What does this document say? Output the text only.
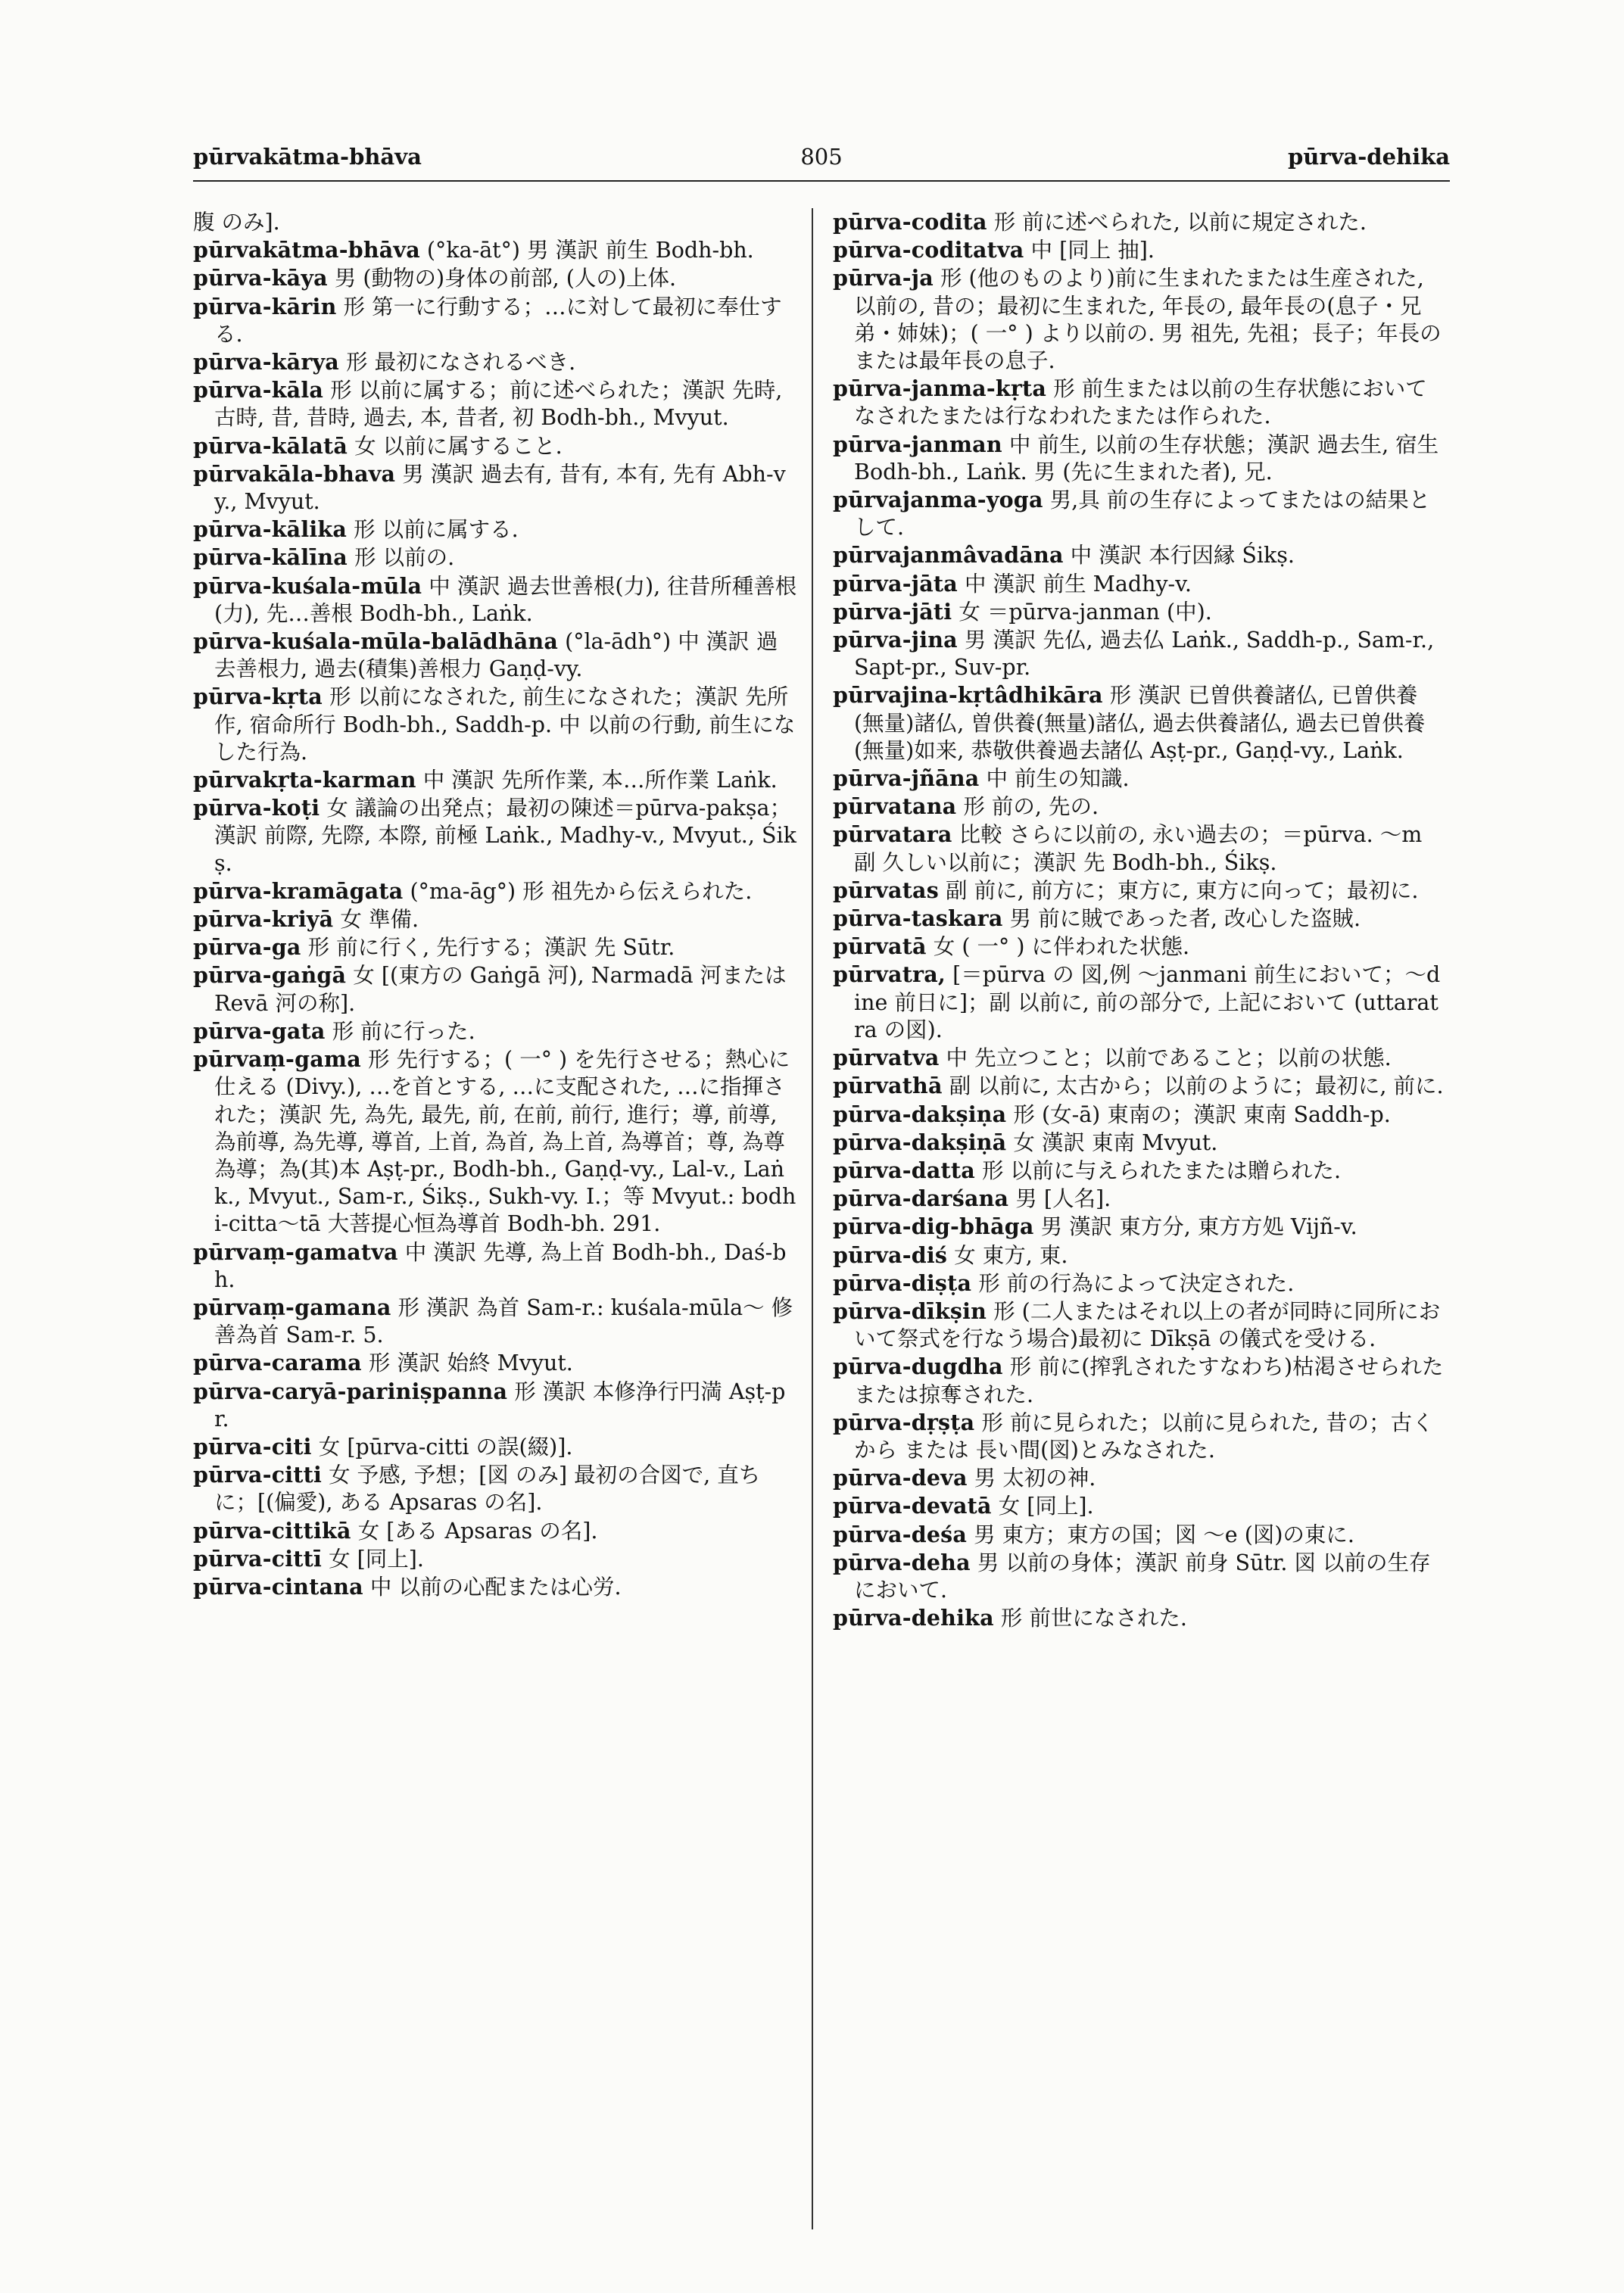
pūrvakātma-bhāva	805	pūrva-dehika

腹 のみ].

pūrvakātma-bhāva (°ka-āt°) 男 漢訳 前生 Bodh-bh.

pūrva-kāya 男 (動物の)身体の前部, (人の)上体.

pūrva-kārin 形 第一に行動する；…に対して最初に奉仕する.

pūrva-kārya 形 最初になされるべき.

pūrva-kāla 形 以前に属する；前に述べられた；漢訳 先時, 古時, 昔, 昔時, 過去, 本, 昔者, 初 Bodh-bh., Mvyut.

pūrva-kālatā 女 以前に属すること.

pūrvakāla-bhava 男 漢訳 過去有, 昔有, 本有, 先有 Abh-vy., Mvyut.

pūrva-kālika 形 以前に属する.

pūrva-kālīna 形 以前の.

pūrva-kuśala-mūla 中 漢訳 過去世善根(力), 往昔所種善根(力), 先…善根 Bodh-bh., Laṅk.

pūrva-kuśala-mūla-balādhāna (°la-ādh°) 中 漢訳 過去善根力, 過去(積集)善根力 Gaṇḍ-vy.

pūrva-kṛta 形 以前になされた, 前生になされた；漢訳 先所作, 宿命所行 Bodh-bh., Saddh-p. 中 以前の行動, 前生になした行為.

pūrvakṛta-karman 中 漢訳 先所作業, 本…所作業 Laṅk.

pūrva-koṭi 女 議論の出発点；最初の陳述＝pūrva-pakṣa；漢訳 前際, 先際, 本際, 前極 Laṅk., Madhy-v., Mvyut., Śikṣ.

pūrva-kramāgata (°ma-āg°) 形 祖先から伝えられた.

pūrva-kriyā 女 準備.

pūrva-ga 形 前に行く, 先行する；漢訳 先 Sūtr.

pūrva-gaṅgā 女 [(東方の Gaṅgā 河), Narmadā 河または Revā 河の称].

pūrva-gata 形 前に行った.

pūrvaṃ-gama 形 先行する；( 一° ) を先行させる；熱心に仕える (Divy.), …を首とする, …に支配された, …に指揮された；漢訳 先, 為先, 最先, 前, 在前, 前行, 進行；導, 前導, 為前導, 為先導, 導首, 上首, 為首, 為上首, 為導首；尊, 為尊為導；為(其)本 Aṣṭ-pr., Bodh-bh., Gaṇḍ-vy., Lal-v., Laṅk., Mvyut., Sam-r., Śikṣ., Sukh-vy. I.；等 Mvyut.: bodhi-citta～tā 大菩提心恒為導首 Bodh-bh. 291.

pūrvaṃ-gamatva 中 漢訳 先導, 為上首 Bodh-bh., Daś-bh.

pūrvaṃ-gamana 形 漢訳 為首 Sam-r.: kuśala-mūla～ 修善為首 Sam-r. 5.

pūrva-carama 形 漢訳 始終 Mvyut.

pūrva-caryā-pariniṣpanna 形 漢訳 本修浄行円満 Aṣṭ-pr.

pūrva-citi 女 [pūrva-citti の誤(綴)].

pūrva-citti 女 予感, 予想；[図 のみ] 最初の合図で, 直ちに；[(偏愛), ある Apsaras の名].

pūrva-cittikā 女 [ある Apsaras の名].

pūrva-cittī 女 [同上].

pūrva-cintana 中 以前の心配または心労.

pūrva-codita 形 前に述べられた, 以前に規定された.

pūrva-coditatva 中 [同上 抽].

pūrva-ja 形 (他のものより)前に生まれたまたは生産された, 以前の, 昔の；最初に生まれた, 年長の, 最年長の(息子・兄弟・姉妹)；( 一° ) より以前の. 男 祖先, 先祖；長子；年長のまたは最年長の息子.

pūrva-janma-kṛta 形 前生または以前の生存状態においてなされたまたは行なわれたまたは作られた.

pūrva-janman 中 前生, 以前の生存状態；漢訳 過去生, 宿生 Bodh-bh., Laṅk. 男 (先に生まれた者), 兄.

pūrvajanma-yoga 男,具 前の生存によってまたはの結果として.

pūrvajanmâvadāna 中 漢訳 本行因縁 Śikṣ.

pūrva-jāta 中 漢訳 前生 Madhy-v.

pūrva-jāti 女 ＝pūrva-janman (中).

pūrva-jina 男 漢訳 先仏, 過去仏 Laṅk., Saddh-p., Sam-r., Sapt-pr., Suv-pr.

pūrvajina-kṛtâdhikāra 形 漢訳 已曽供養諸仏, 已曽供養(無量)諸仏, 曽供養(無量)諸仏, 過去供養諸仏, 過去已曽供養(無量)如来, 恭敬供養過去諸仏 Aṣṭ-pr., Gaṇḍ-vy., Laṅk.

pūrva-jñāna 中 前生の知識.

pūrvatana 形 前の, 先の.

pūrvatara 比較 さらに以前の, 永い過去の；＝pūrva. ～m 副 久しい以前に；漢訳 先 Bodh-bh., Śikṣ.

pūrvatas 副 前に, 前方に；東方に, 東方に向って；最初に.

pūrva-taskara 男 前に賊であった者, 改心した盗賊.

pūrvatā 女 ( 一° ) に伴われた状態.

pūrvatra, [＝pūrva の 図,例 ～janmani 前生において；～dine 前日に]；副 以前に, 前の部分で, 上記において (uttaratra の図).

pūrvatva 中 先立つこと；以前であること；以前の状態.

pūrvathā 副 以前に, 太古から；以前のように；最初に, 前に.

pūrva-dakṣiṇa 形 (女-ā) 東南の；漢訳 東南 Saddh-p.

pūrva-dakṣiṇā 女 漢訳 東南 Mvyut.

pūrva-datta 形 以前に与えられたまたは贈られた.

pūrva-darśana 男 [人名].

pūrva-dig-bhāga 男 漢訳 東方分, 東方方処 Vijñ-v.

pūrva-diś 女 東方, 東.

pūrva-diṣṭa 形 前の行為によって決定された.

pūrva-dīkṣin 形 (二人またはそれ以上の者が同時に同所において祭式を行なう場合)最初に Dīkṣā の儀式を受ける.

pūrva-dugdha 形 前に(搾乳されたすなわち)枯渇させられたまたは掠奪された.

pūrva-dṛṣṭa 形 前に見られた；以前に見られた, 昔の；古くから または 長い間(図)とみなされた.

pūrva-deva 男 太初の神.

pūrva-devatā 女 [同上].

pūrva-deśa 男 東方；東方の国；図 ～e (図)の東に.

pūrva-deha 男 以前の身体；漢訳 前身 Sūtr. 図 以前の生存において.

pūrva-dehika 形 前世になされた.
